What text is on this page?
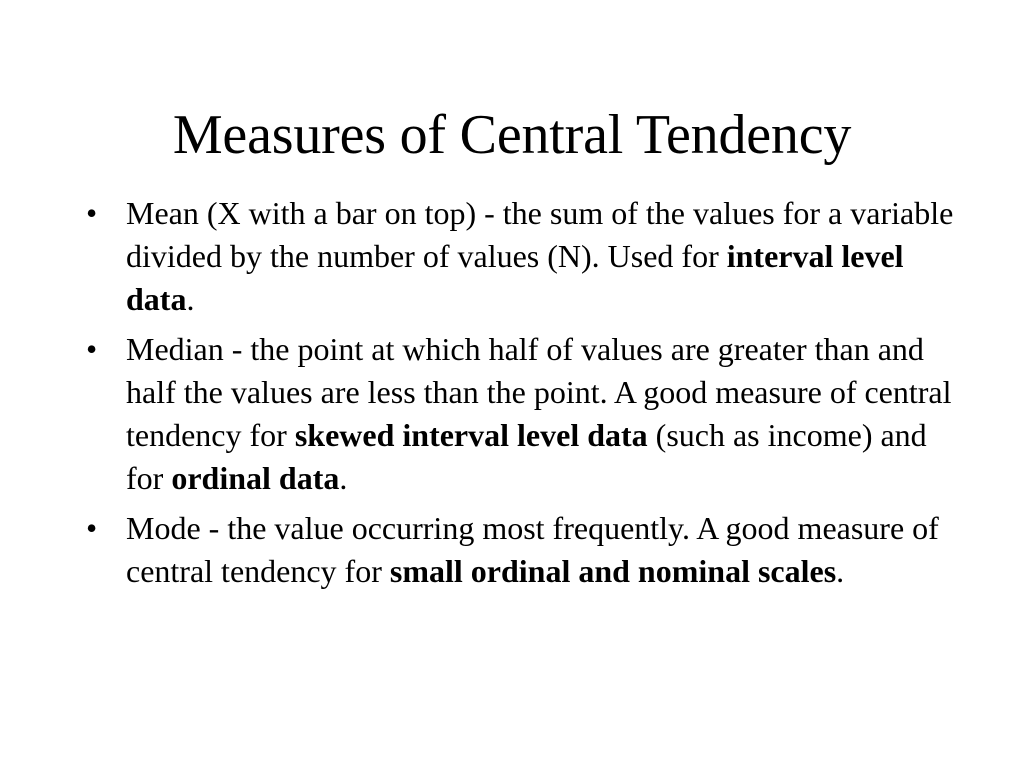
Measures of Central Tendency
• Mean (X with a bar on top) - the sum of the values for a variable divided by the number of values (N). Used for interval level data.
• Median - the point at which half of values are greater than and half the values are less than the point. A good measure of central tendency for skewed interval level data (such as income) and for ordinal data.
• Mode - the value occurring most frequently. A good measure of central tendency for small ordinal and nominal scales.
